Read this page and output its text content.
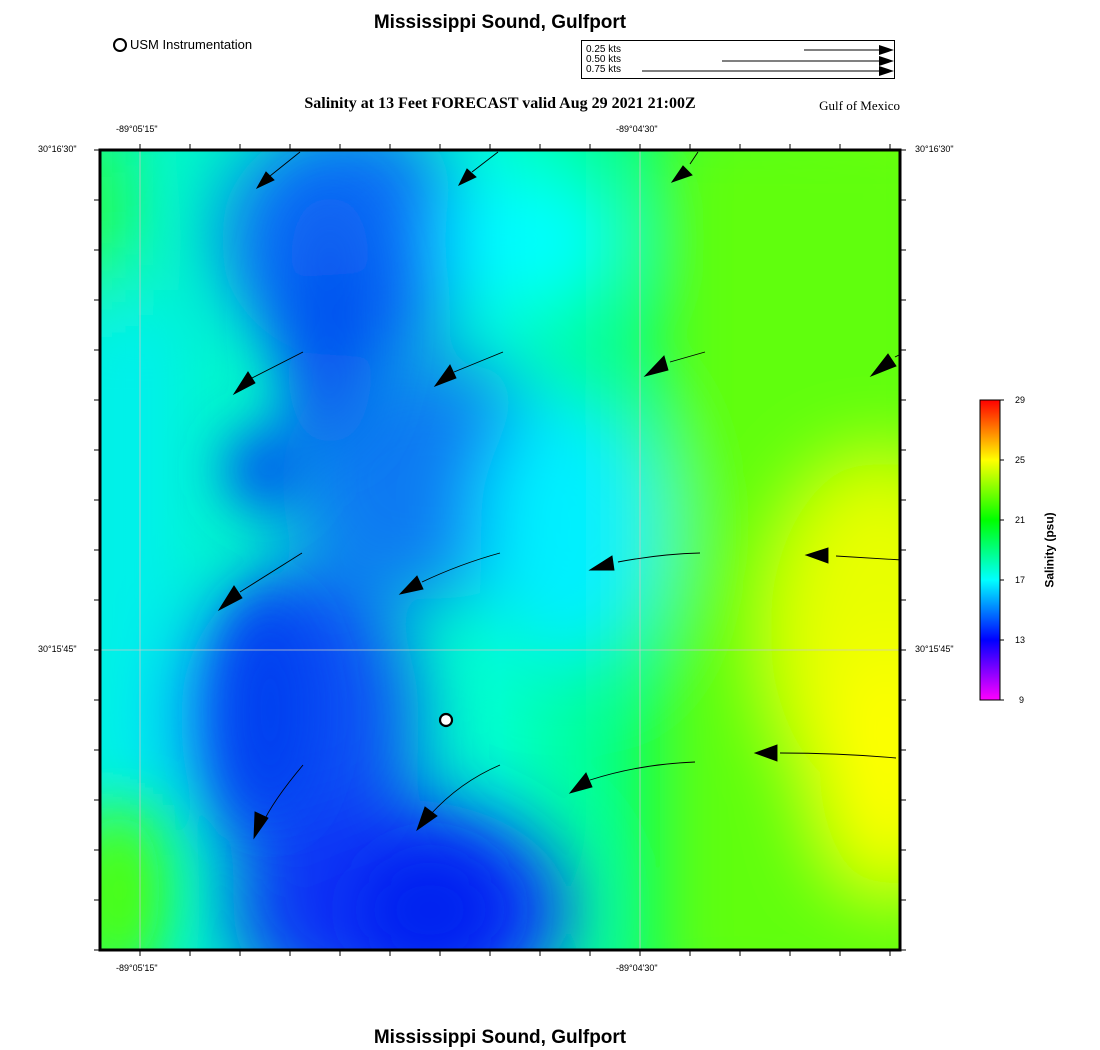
Mississippi Sound, Gulfport
USM Instrumentation	0.25 kts
0.50 kts
0.75 kts
Salinity at 13 Feet FORECAST valid Aug 29 2021 21:00Z	Gulf of Mexico
-89°05'15"	-89°04'30"
-89°05'15"	-89°04'30"
30°16'30"
30°15'45"
30°16'30"
30°15'45"
29
25
21
17
13
9
Salinity (psu)
Mississippi Sound, Gulfport
